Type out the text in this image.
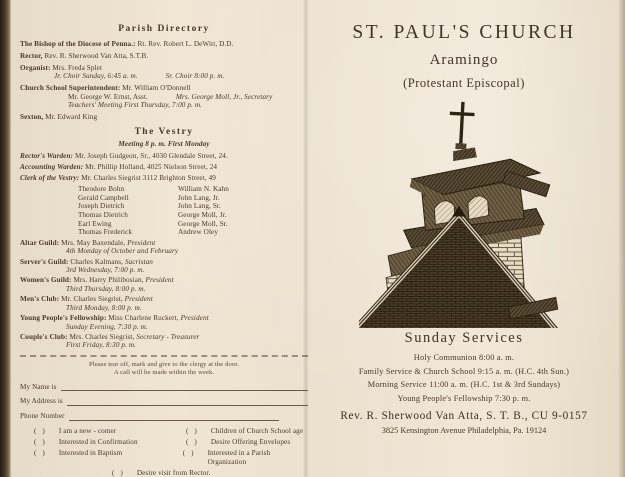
Parish Directory
The Bishop of the Diocese of Penna.: Rt. Rev. Robert L. DeWitt, D.D.
Rector, Rev. R. Sherwood Van Atta, S.T.B.
Organist: Mrs. Freda Splet
Jr. Choir Sunday, 6:45 a. m.	Sr. Choir 8:00 p. m.
Church School Superintendent: Mr. William O'Donnell
Mr. George W. Ernst, Asst.	Mrs. George Moll, Jr., Secretary
Teachers' Meeting First Thursday, 7:00 p. m.
Sexton, Mr. Edward King
The Vestry
Meeting 8 p. m. First Monday
Rector's Warden: Mr. Joseph Gudgeon, Sr., 4030 Glendale Street, 24.
Accounting Warden: Mr. Phillip Holland, 4025 Nielson Street, 24
Clerk of the Vestry: Mr. Charles Siegrist 3112 Brighton Street, 49
Theodore Bohn	William N. Kahn
Gerald Campbell	John Lang, Jr.
Joseph Dietrich	John Lang, Sr.
Thomas Dietrich	George Moll, Jr.
Earl Ewing	George Moll, Sr.
Thomas Frederick	Andrew Oley
Altar Guild: Mrs. May Baxendale, President
4th Monday of October and February
Server's Guild: Charles Kalmans, Sacristan
3rd Wednesday, 7:00 p. m.
Women's Guild: Mrs. Harry Philibosian, President
Third Thursday, 8:00 p. m.
Men's Club: Mr. Charles Siegrist, President
Third Monday, 8:00 p. m.
Young People's Fellowship: Miss Charlene Ruckert, President
Sunday Evening, 7:30 p. m.
Couple's Club: Mrs. Charles Siegrist, Secretary - Treasurer
First Friday, 8:30 p. m.
Please tear off, mark and give to the clergy at the door.
A call will be made within the week.
My Name is
My Address is
Phone Number
() I am a new - comer	() Children of Church School age
() Interested in Confirmation	() Desire Offering Envelopes
() Interested in Baptism	() Interested in a Parish Organization
() Desire visit from Rector.
ST. PAUL'S CHURCH
Aramingo
(Protestant Episcopal)
Sunday Services
Holy Communion 8:00 a. m.
Family Service & Church School 9:15 a. m. (H.C. 4th Sun.)
Morning Service 11:00 a. m. (H.C. 1st & 3rd Sundays)
Young People's Fellowship 7:30 p. m.
Rev. R. Sherwood Van Atta, S. T. B., CU 9-0157
3825 Kensington Avenue Philadelphia, Pa. 19124
